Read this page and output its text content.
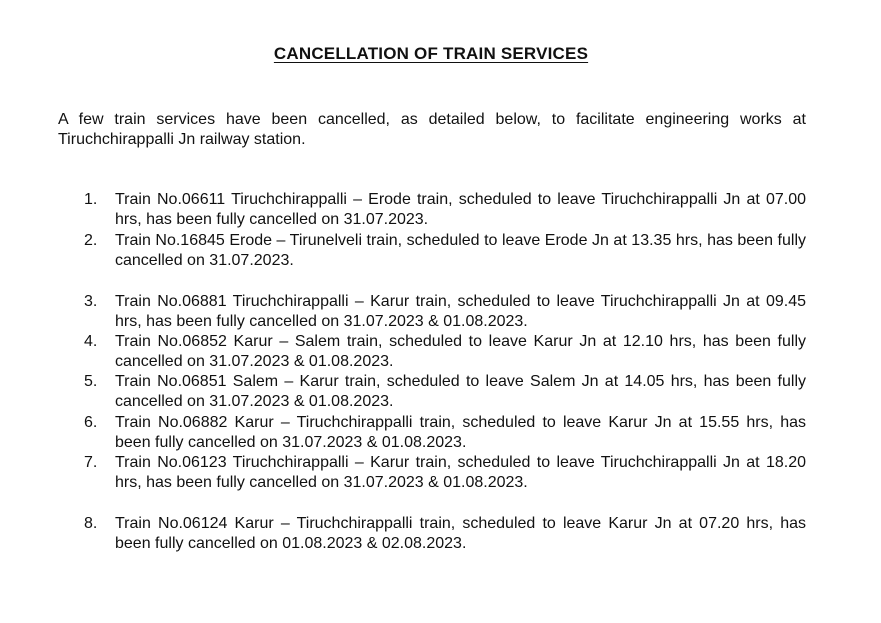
CANCELLATION OF TRAIN SERVICES
A few train services have been cancelled, as detailed below, to facilitate engineering works at Tiruchchirappalli Jn railway station.
1.	Train No.06611 Tiruchchirappalli – Erode train, scheduled to leave Tiruchchirappalli Jn at 07.00 hrs, has been fully cancelled on 31.07.2023.
2.	Train No.16845 Erode – Tirunelveli train, scheduled to leave Erode Jn at 13.35 hrs, has been fully cancelled on 31.07.2023.
3.	Train No.06881 Tiruchchirappalli – Karur train, scheduled to leave Tiruchchirappalli Jn at 09.45 hrs, has been fully cancelled on 31.07.2023 & 01.08.2023.
4.	Train No.06852 Karur – Salem train, scheduled to leave Karur Jn at 12.10 hrs, has been fully cancelled on 31.07.2023 & 01.08.2023.
5.	Train No.06851 Salem – Karur train, scheduled to leave Salem Jn at 14.05 hrs, has been fully cancelled on 31.07.2023 & 01.08.2023.
6.	Train No.06882 Karur – Tiruchchirappalli train, scheduled to leave Karur Jn at 15.55 hrs, has been fully cancelled on 31.07.2023 & 01.08.2023.
7.	Train No.06123 Tiruchchirappalli – Karur train, scheduled to leave Tiruchchirappalli Jn at 18.20 hrs, has been fully cancelled on 31.07.2023 & 01.08.2023.
8.	Train No.06124 Karur – Tiruchchirappalli train, scheduled to leave Karur Jn at 07.20 hrs, has been fully cancelled on 01.08.2023 & 02.08.2023.
